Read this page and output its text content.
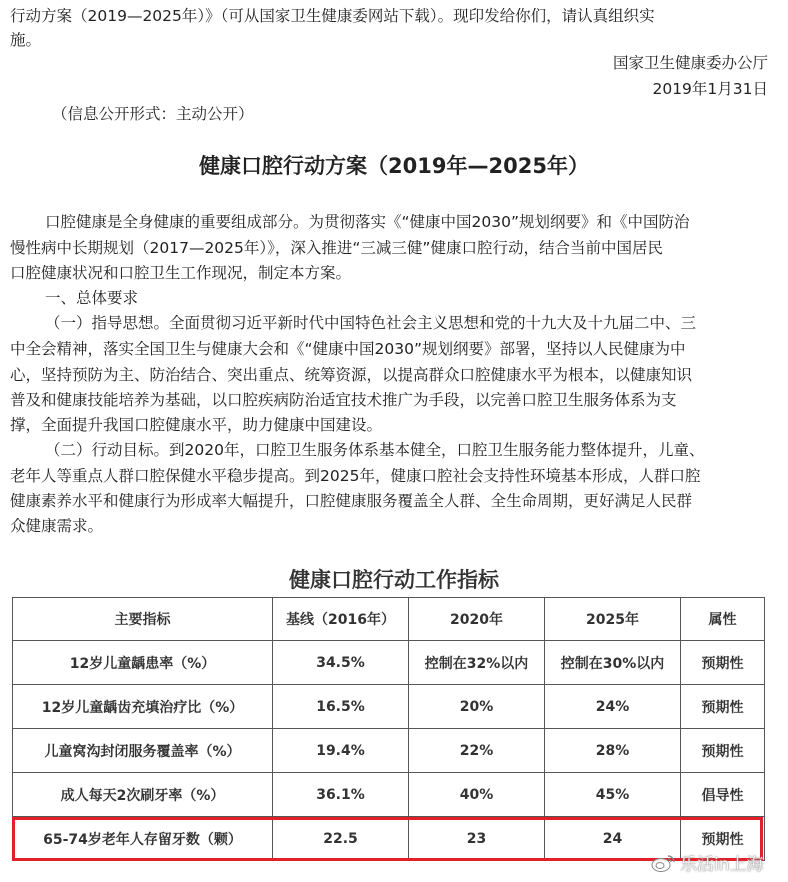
行动方案（2019—2025年）》（可从国家卫生健康委网站下载）。现印发给你们，请认真组织实
施。
国家卫生健康委办公厅
2019年1月31日
（信息公开形式：主动公开）
健康口腔行动方案（2019年—2025年）
口腔健康是全身健康的重要组成部分。为贯彻落实《“健康中国2030”规划纲要》和《中国防治
慢性病中长期规划（2017—2025年）》，深入推进“三减三健”健康口腔行动，结合当前中国居民
口腔健康状况和口腔卫生工作现况，制定本方案。
一、总体要求
（一）指导思想。全面贯彻习近平新时代中国特色社会主义思想和党的十九大及十九届二中、三
中全会精神，落实全国卫生与健康大会和《“健康中国2030”规划纲要》部署，坚持以人民健康为中
心，坚持预防为主、防治结合、突出重点、统筹资源，以提高群众口腔健康水平为根本，以健康知识
普及和健康技能培养为基础，以口腔疾病防治适宜技术推广为手段，以完善口腔卫生服务体系为支
撑，全面提升我国口腔健康水平，助力健康中国建设。
（二）行动目标。到2020年，口腔卫生服务体系基本健全，口腔卫生服务能力整体提升，儿童、
老年人等重点人群口腔保健水平稳步提高。到2025年，健康口腔社会支持性环境基本形成，人群口腔
健康素养水平和健康行为形成率大幅提升，口腔健康服务覆盖全人群、全生命周期，更好满足人民群
众健康需求。
健康口腔行动工作指标
主要指标	基线（2016年）	2020年	2025年	属性
12岁儿童龋患率（%）	34.5%	控制在32%以内	控制在30%以内	预期性
12岁儿童龋齿充填治疗比（%）	16.5%	20%	24%	预期性
儿童窝沟封闭服务覆盖率（%）	19.4%	22%	28%	预期性
成人每天2次刷牙率（%）	36.1%	40%	45%	倡导性
65-74岁老年人存留牙数（颗）	22.5	23	24	预期性
乐活in上海
